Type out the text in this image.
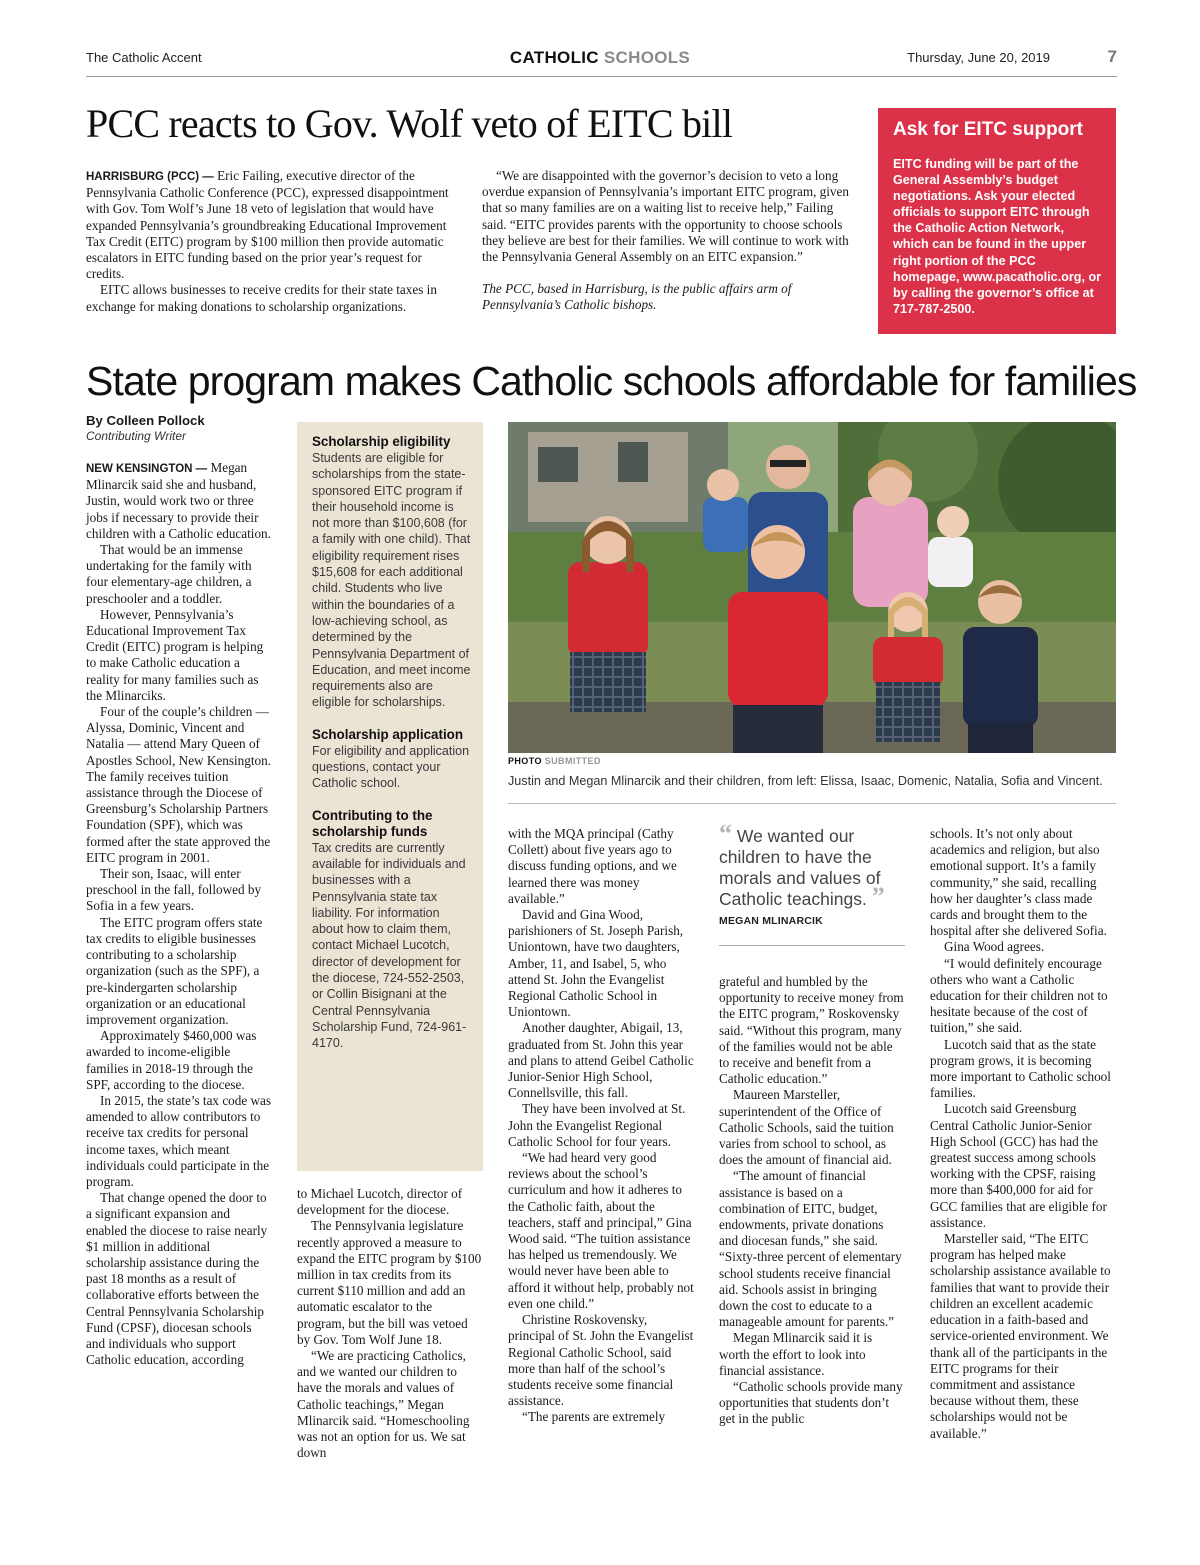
The Catholic Accent	CATHOLIC SCHOOLS	Thursday, June 20, 2019	7
PCC reacts to Gov. Wolf veto of EITC bill

HARRISBURG (PCC) — Eric Failing, executive director of the Pennsylvania Catholic Conference (PCC), expressed disappointment with Gov. Tom Wolf’s June 18 veto of legislation that would have expanded Pennsylvania’s groundbreaking Educational Improvement Tax Credit (EITC) program by $100 million then provide automatic escalators in EITC funding based on the prior year’s request for credits.

EITC allows businesses to receive credits for their state taxes in exchange for making donations to scholarship organizations.

“We are disappointed with the governor’s decision to veto a long overdue expansion of Pennsylvania’s important EITC program, given that so many families are on a waiting list to receive help,” Failing said. “EITC provides parents with the opportunity to choose schools they believe are best for their families. We will continue to work with the Pennsylvania General Assembly on an EITC expansion.”

The PCC, based in Harrisburg, is the public affairs arm of Pennsylvania’s Catholic bishops.

Ask for EITC support

EITC funding will be part of the General Assembly’s budget negotiations. Ask your elected officials to support EITC through the Catholic Action Network, which can be found in the upper right portion of the PCC homepage, www.pacatholic.org, or by calling the governor’s office at 717-787-2500.

State program makes Catholic schools affordable for families
By Colleen Pollock
Contributing Writer

NEW KENSINGTON — Megan Mlinarcik said she and husband, Justin, would work two or three jobs if necessary to provide their children with a Catholic education.

That would be an immense undertaking for the family with four elementary-age children, a preschooler and a toddler.

However, Pennsylvania’s Educational Improvement Tax Credit (EITC) program is helping to make Catholic education a reality for many families such as the Mlinarciks.

Four of the couple’s children — Alyssa, Dominic, Vincent and Natalia — attend Mary Queen of Apostles School, New Kensington. The family receives tuition assistance through the Diocese of Greensburg’s Scholarship Partners Foundation (SPF), which was formed after the state approved the EITC program in 2001.

Their son, Isaac, will enter preschool in the fall, followed by Sofia in a few years.

The EITC program offers state tax credits to eligible businesses contributing to a scholarship organization (such as the SPF), a pre-kindergarten scholarship organization or an educational improvement organization.

Approximately $460,000 was awarded to income-eligible families in 2018-19 through the SPF, according to the diocese.

In 2015, the state’s tax code was amended to allow contributors to receive tax credits for personal income taxes, which meant individuals could participate in the program.

That change opened the door to a significant expansion and enabled the diocese to raise nearly $1 million in additional scholarship assistance during the past 18 months as a result of collaborative efforts between the Central Pennsylvania Scholarship Fund (CPSF), diocesan schools and individuals who support Catholic education, according

Scholarship eligibility

Students are eligible for scholarships from the state-sponsored EITC program if their household income is not more than $100,608 (for a family with one child). That eligibility requirement rises $15,608 for each additional child. Students who live within the boundaries of a low-achieving school, as determined by the Pennsylvania Department of Education, and meet income requirements also are eligible for scholarships.

Scholarship application

For eligibility and application questions, contact your Catholic school.

Contributing to the scholarship funds

Tax credits are currently available for individuals and businesses with a Pennsylvania state tax liability. For information about how to claim them, contact Michael Lucotch, director of development for the diocese, 724-552-2503, or Collin Bisignani at the Central Pennsylvania Scholarship Fund, 724-961-4170.

to Michael Lucotch, director of development for the diocese.

The Pennsylvania legislature recently approved a measure to expand the EITC program by $100 million in tax credits from its current $110 million and add an automatic escalator to the program, but the bill was vetoed by Gov. Tom Wolf June 18.

“We are practicing Catholics, and we wanted our children to have the morals and values of Catholic teachings,” Megan Mlinarcik said. “Homeschooling was not an option for us. We sat down

PHOTO SUBMITTED
Justin and Megan Mlinarcik and their children, from left: Elissa, Isaac, Domenic, Natalia, Sofia and Vincent.

with the MQA principal (Cathy Collett) about five years ago to discuss funding options, and we learned there was money available.”

David and Gina Wood, parishioners of St. Joseph Parish, Uniontown, have two daughters, Amber, 11, and Isabel, 5, who attend St. John the Evangelist Regional Catholic School in Uniontown.

Another daughter, Abigail, 13, graduated from St. John this year and plans to attend Geibel Catholic Junior-Senior High School, Connellsville, this fall.

They have been involved at St. John the Evangelist Regional Catholic School for four years.

“We had heard very good reviews about the school’s curriculum and how it adheres to the Catholic faith, about the teachers, staff and principal,” Gina Wood said. “The tuition assistance has helped us tremendously. We would never have been able to afford it without help, probably not even one child.”

Christine Roskovensky, principal of St. John the Evangelist Regional Catholic School, said more than half of the school’s students receive some financial assistance.

“The parents are extremely

“ We wanted our children to have the morals and values of Catholic teachings. ”
MEGAN MLINARCIK

grateful and humbled by the opportunity to receive money from the EITC program,” Roskovensky said. “Without this program, many of the families would not be able to receive and benefit from a Catholic education.”

Maureen Marsteller, superintendent of the Office of Catholic Schools, said the tuition varies from school to school, as does the amount of financial aid.

“The amount of financial assistance is based on a combination of EITC, budget, endowments, private donations and diocesan funds,” she said. “Sixty-three percent of elementary school students receive financial aid. Schools assist in bringing down the cost to educate to a manageable amount for parents.”

Megan Mlinarcik said it is worth the effort to look into financial assistance.

“Catholic schools provide many opportunities that students don’t get in the public

schools. It’s not only about academics and religion, but also emotional support. It’s a family community,” she said, recalling how her daughter’s class made cards and brought them to the hospital after she delivered Sofia.

Gina Wood agrees.

“I would definitely encourage others who want a Catholic education for their children not to hesitate because of the cost of tuition,” she said.

Lucotch said that as the state program grows, it is becoming more important to Catholic school families.

Lucotch said Greensburg Central Catholic Junior-Senior High School (GCC) has had the greatest success among schools working with the CPSF, raising more than $400,000 for aid for GCC families that are eligible for assistance.

Marsteller said, “The EITC program has helped make scholarship assistance available to families that want to provide their children an excellent academic education in a faith-based and service-oriented environment. We thank all of the participants in the EITC programs for their commitment and assistance because without them, these scholarships would not be available.”
